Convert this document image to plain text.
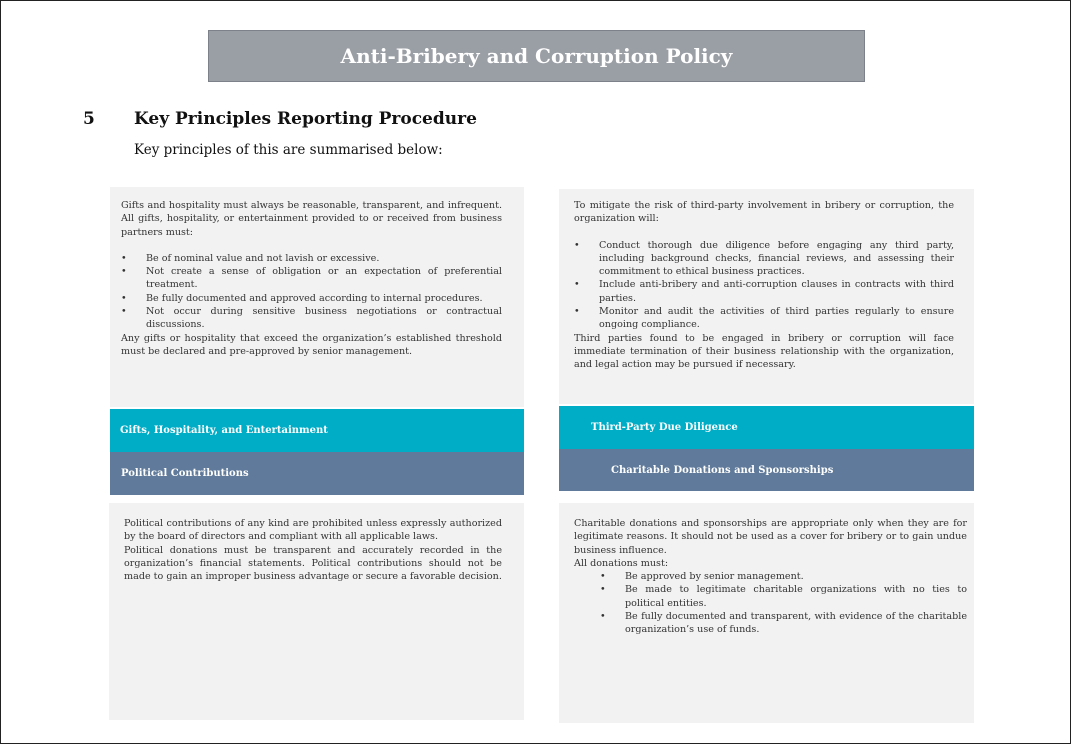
Anti-Bribery and Corruption Policy
5 Key Principles Reporting Procedure
Key principles of this are summarised below:

Gifts and hospitality must always be reasonable, transparent, and infrequent. All gifts, hospitality, or entertainment provided to or received from business partners must:

• Be of nominal value and not lavish or excessive.
• Not create a sense of obligation or an expectation of preferential treatment.
• Be fully documented and approved according to internal procedures.
• Not occur during sensitive business negotiations or contractual discussions.

Any gifts or hospitality that exceed the organization’s established threshold must be declared and pre-approved by senior management.

To mitigate the risk of third-party involvement in bribery or corruption, the organization will:

• Conduct thorough due diligence before engaging any third party, including background checks, financial reviews, and assessing their commitment to ethical business practices.
• Include anti-bribery and anti-corruption clauses in contracts with third parties.
• Monitor and audit the activities of third parties regularly to ensure ongoing compliance.

Third parties found to be engaged in bribery or corruption will face immediate termination of their business relationship with the organization, and legal action may be pursued if necessary.

Gifts, Hospitality, and Entertainment
Political Contributions
Third-Party Due Diligence
Charitable Donations and Sponsorships

Political contributions of any kind are prohibited unless expressly authorized by the board of directors and compliant with all applicable laws.

Political donations must be transparent and accurately recorded in the organization’s financial statements. Political contributions should not be made to gain an improper business advantage or secure a favorable decision.

Charitable donations and sponsorships are appropriate only when they are for legitimate reasons. It should not be used as a cover for bribery or to gain undue business influence.

All donations must:

• Be approved by senior management.
• Be made to legitimate charitable organizations with no ties to political entities.
• Be fully documented and transparent, with evidence of the charitable organization’s use of funds.
